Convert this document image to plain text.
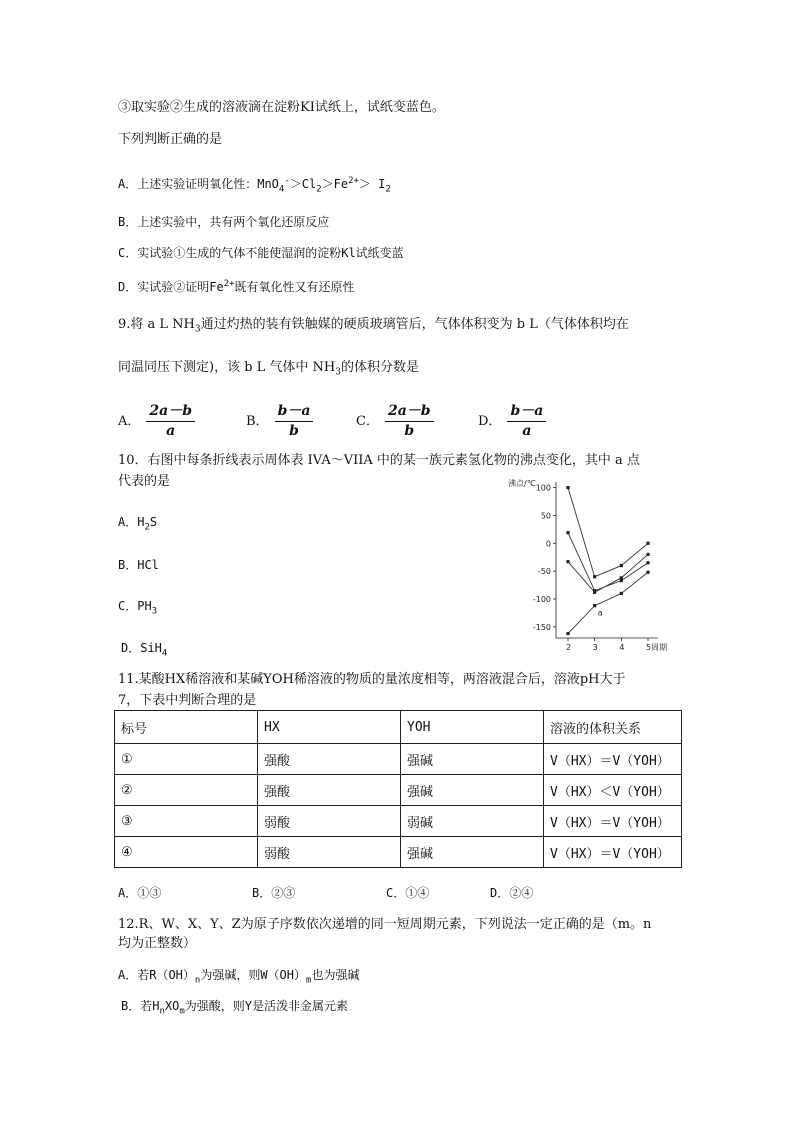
③取实验②生成的溶液滴在淀粉KI试纸上，试纸变蓝色。
下列判断正确的是
A．上述实验证明氧化性：$MnO_4^->Cl_2>Fe^{2+}> I_2$
B．上述实验中，共有两个氧化还原反应
C．实试验①生成的气体不能使湿润的淀粉Kl试纸变蓝
D．实试验②证明$Fe^{2+}$既有氧化性又有还原性
9.将 a L $NH_3$通过灼热的装有铁触媒的硬质玻璃管后，气体体积变为 b L（气体体积均在
同温同压下测定)，该 b L 气体中 $NH_3$的体积分数是
A． $\frac{2a-b}{a}$	B． $\frac{b-a}{b}$	C． $\frac{2a-b}{b}$	D． $\frac{b-a}{a}$
10．右图中每条折线表示周体表 IVA～VIIA 中的某一族元素氢化物的沸点变化，其中 a 点
代表的是
A．$H_2S$
B．HCl
C．$PH_3$
D．SiH$_4$
沸点/℃
100
50
0
-50
-100
-150
2	3	4	5周期
a
11.某酸HX稀溶液和某碱YOH稀溶液的物质的量浓度相等，两溶液混合后，溶液pH大于
7，下表中判断合理的是
标号	HX	YOH	溶液的体积关系
①	强酸	强碱	V（HX）＝V（YOH）
②	强酸	强碱	V（HX）＜V（YOH）
③	弱酸	弱碱	V（HX）＝V（YOH）
④	弱酸	强碱	V（HX）＝V（YOH）
A．①③	B．②③	C．①④	D．②④
12.R、W、X、Y、Z为原子序数依次递增的同一短周期元素，下列说法一定正确的是（m。n
均为正整数）
A．若$R(OH)_n$为强碱，则$W(OH)_m$也为强碱
B．若$H_nXO_m$为强酸，则Y是活泼非金属元素
